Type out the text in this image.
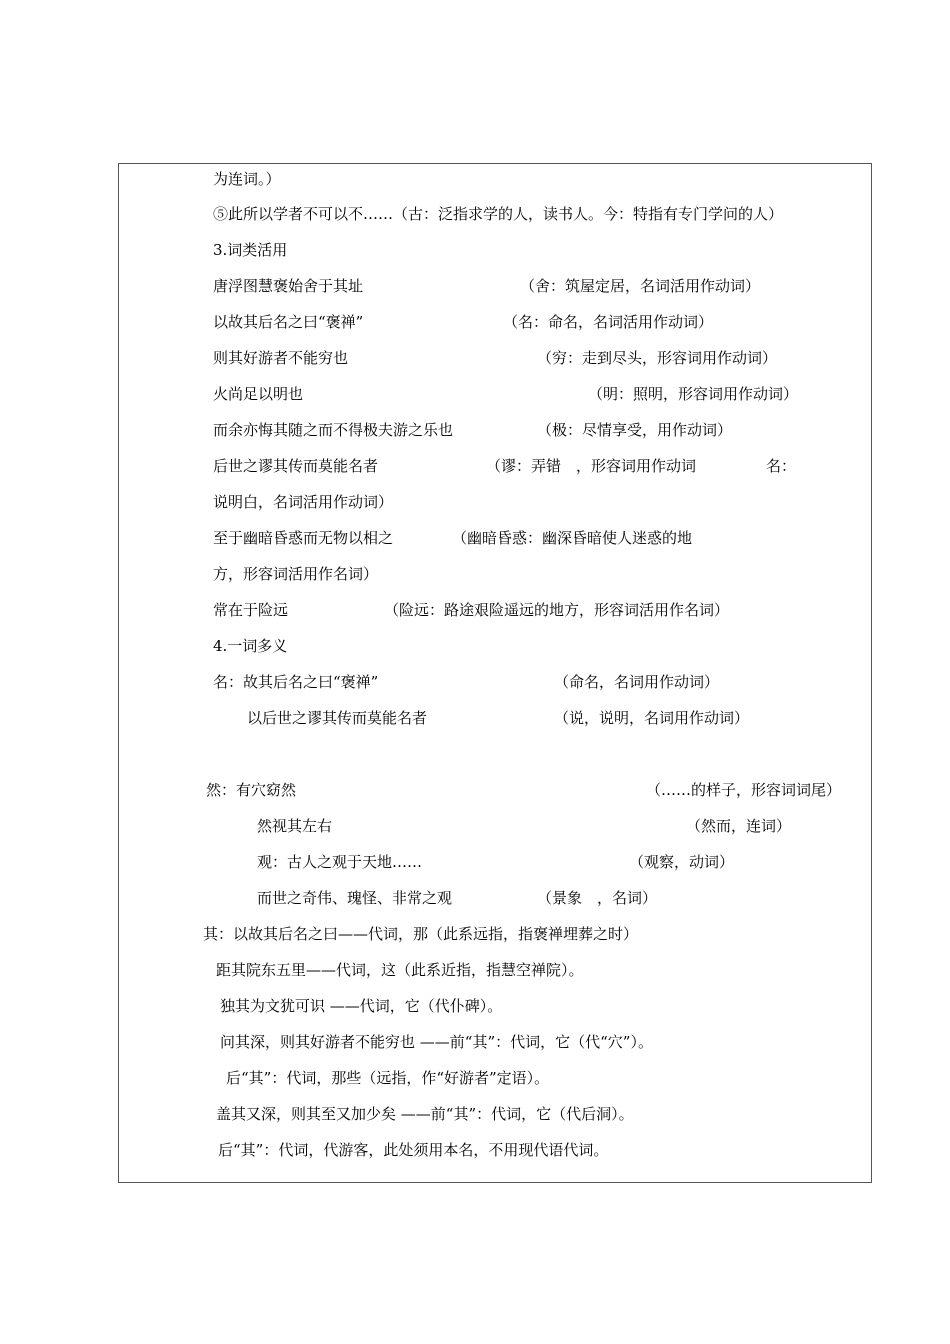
为连词。）
⑤此所以学者不可以不……（古：泛指求学的人，读书人。今：特指有专门学问的人）
3.词类活用
唐浮图慧褒始舍于其址	（舍：筑屋定居，名词活用作动词）
以故其后名之曰“褒禅”	（名：命名，名词活用作动词）
则其好游者不能穷也	（穷：走到尽头，形容词用作动词）
火尚足以明也	（明：照明，形容词用作动词）
而余亦悔其随之而不得极夫游之乐也	（极：尽情享受，用作动词）
后世之谬其传而莫能名者	（谬：弄错　，形容词用作动词	名：
说明白，名词活用作动词）
至于幽暗昏惑而无物以相之	（幽暗昏惑：幽深昏暗使人迷惑的地
方，形容词活用作名词）
常在于险远	（险远：路途艰险遥远的地方，形容词活用作名词）
4.一词多义
名：故其后名之曰“褒禅”	（命名，名词用作动词）
以后世之谬其传而莫能名者	（说，说明，名词用作动词）
然：有穴窈然	（……的样子，形容词词尾）
然视其左右	（然而，连词）
观：古人之观于天地……	（观察，动词）
而世之奇伟、瑰怪、非常之观	（景象　，名词）
其：以故其后名之曰——代词，那（此系远指，指褒禅埋葬之时）
距其院东五里——代词，这（此系近指，指慧空禅院）。
独其为文犹可识 ——代词，它（代仆碑）。
问其深，则其好游者不能穷也 ——前“其”：代词，它（代“穴”）。
后“其”：代词，那些（远指，作“好游者”定语）。
盖其又深，则其至又加少矣 ——前“其”：代词，它（代后洞）。
后“其”：代词，代游客，此处须用本名，不用现代语代词。
